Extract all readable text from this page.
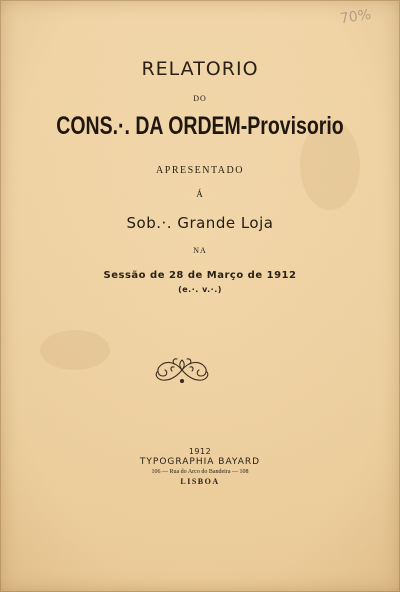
70%
RELATORIO
DO
CONS.·. DA ORDEM-Provisorio
APRESENTADO
Á
Sob.·. Grande Loja
NA
Sessão de 28 de Março de 1912
(e.·. v.·.)
1912
TYPOGRAPHIA BAYARD
106 — Rua do Arco do Bandeira — 108
LISBOA
